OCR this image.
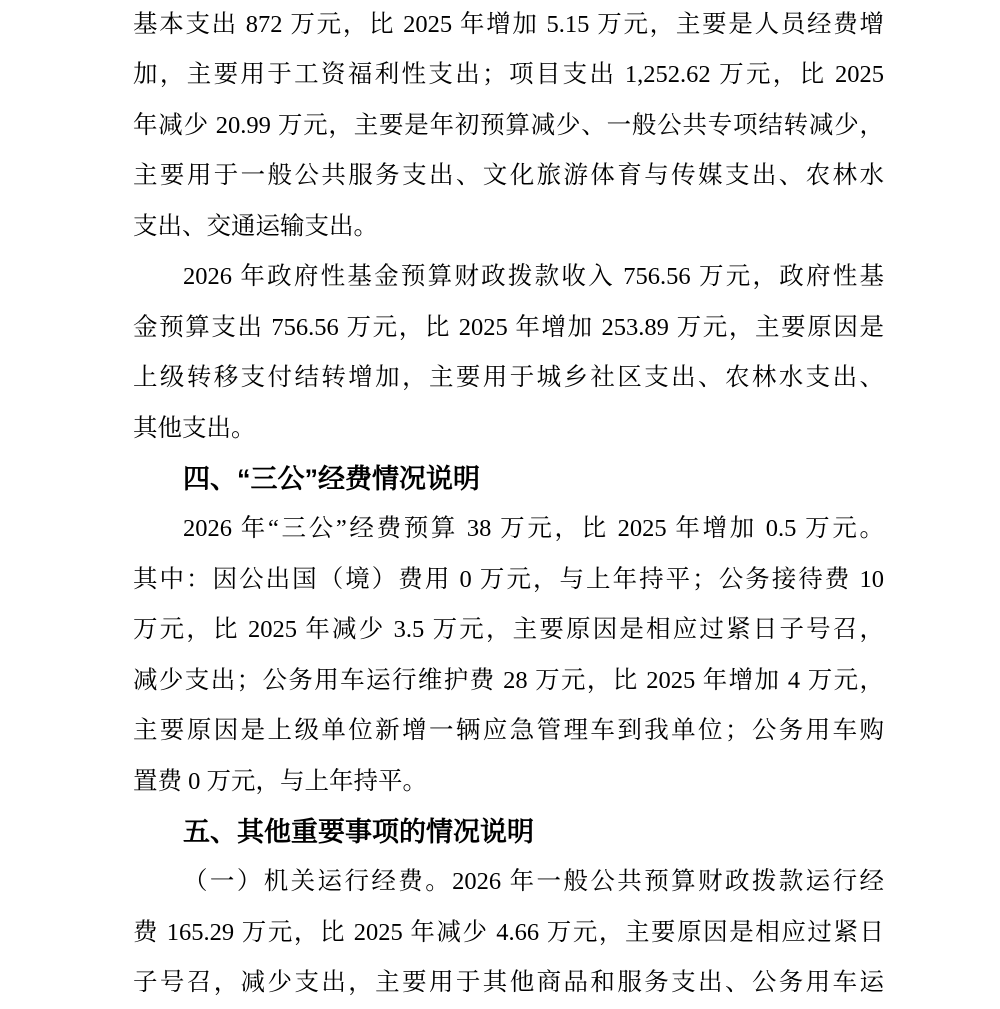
基本支出 872 万元，比 2025 年增加 5.15 万元，主要是人员经费增
加，主要用于工资福利性支出；项目支出 1,252.62 万元，比 2025
年减少 20.99 万元，主要是年初预算减少、一般公共专项结转减少，
主要用于一般公共服务支出、文化旅游体育与传媒支出、农林水
支出、交通运输支出。
2026 年政府性基金预算财政拨款收入 756.56 万元，政府性基
金预算支出 756.56 万元，比 2025 年增加 253.89 万元，主要原因是
上级转移支付结转增加，主要用于城乡社区支出、农林水支出、
其他支出。
四、“三公”经费情况说明
2026 年“三公”经费预算 38 万元，比 2025 年增加 0.5 万元。
其中：因公出国（境）费用 0 万元，与上年持平；公务接待费 10
万元，比 2025 年减少 3.5 万元，主要原因是相应过紧日子号召，
减少支出；公务用车运行维护费 28 万元，比 2025 年增加 4 万元，
主要原因是上级单位新增一辆应急管理车到我单位；公务用车购
置费 0 万元，与上年持平。
五、其他重要事项的情况说明
（一）机关运行经费。2026 年一般公共预算财政拨款运行经
费 165.29 万元，比 2025 年减少 4.66 万元，主要原因是相应过紧日
子号召，减少支出，主要用于其他商品和服务支出、公务用车运
